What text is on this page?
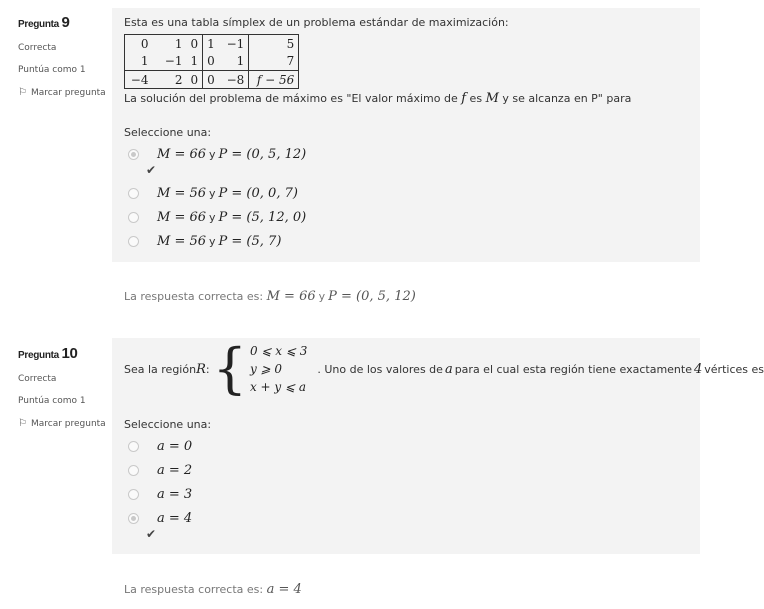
Pregunta 9
Correcta
Puntúa como 1
⚐ Marcar pregunta
Esta es una tabla símplex de un problema estándar de maximización:
0	1	0	1	−1	5
1	−1	1	0	1	7
−4	2	0	0	−8	f − 56
La solución del problema de máximo es "El valor máximo de f es M y se alcanza en P" para
Seleccione una:
M = 66 y P = (0, 5, 12)
✔
M = 56 y P = (0, 0, 7)
M = 66 y P = (5, 12, 0)
M = 56 y P = (5, 7)
La respuesta correcta es: M = 66 y P = (0, 5, 12)
Pregunta 10
Correcta
Puntúa como 1
⚐ Marcar pregunta
Sea la región R : { 0 ⩽ x ⩽ 3
y ⩾ 0
x + y ⩽ a
. Uno de los valores de a para el cual esta región tiene exactamente 4 vértices es
Seleccione una:
a = 0
a = 2
a = 3
a = 4
✔
La respuesta correcta es: a = 4
